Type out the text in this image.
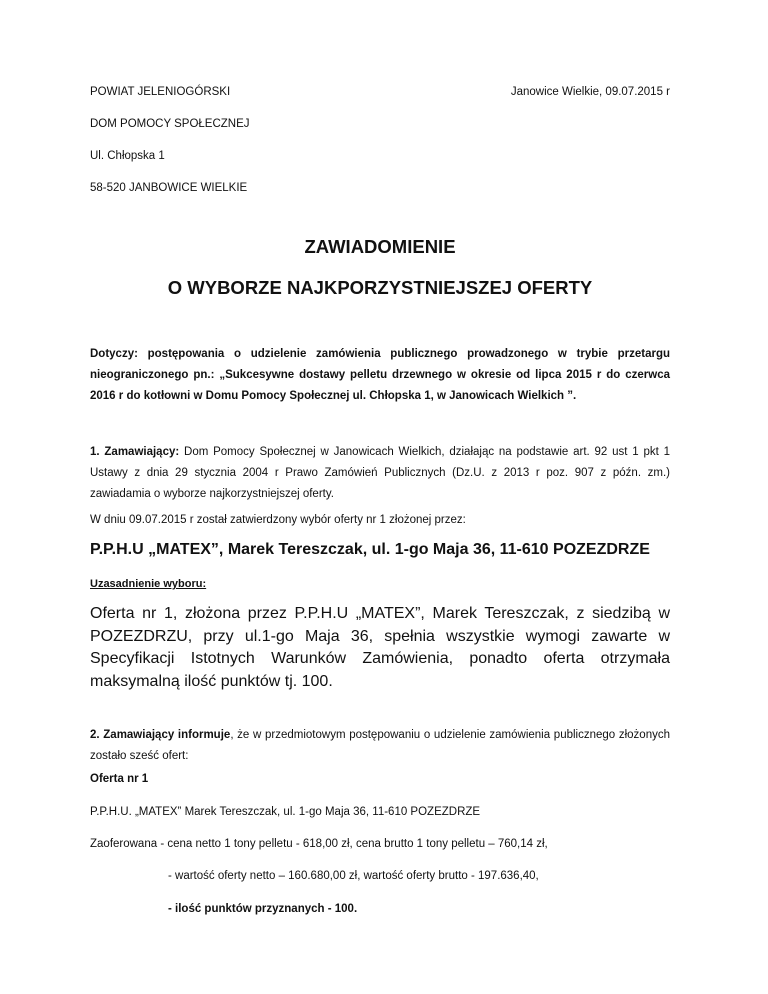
POWIAT JELENIOGÓRSKI	Janowice Wielkie, 09.07.2015 r
DOM POMOCY SPOŁECZNEJ
Ul. Chłopska 1
58-520 JANBOWICE WIELKIE
ZAWIADOMIENIE
O WYBORZE NAJKPORZYSTNIEJSZEJ OFERTY
Dotyczy: postępowania o udzielenie zamówienia publicznego prowadzonego w trybie przetargu nieograniczonego pn.: „Sukcesywne dostawy pelletu drzewnego w okresie od lipca 2015 r do czerwca 2016 r do kotłowni w Domu Pomocy Społecznej ul. Chłopska 1, w Janowicach Wielkich ”.
1. Zamawiający: Dom Pomocy Społecznej w Janowicach Wielkich, działając na podstawie art. 92 ust 1 pkt 1 Ustawy z dnia 29 stycznia 2004 r Prawo Zamówień Publicznych (Dz.U. z 2013 r poz. 907 z późn. zm.) zawiadamia o wyborze najkorzystniejszej oferty.
W dniu 09.07.2015 r został zatwierdzony wybór oferty nr 1 złożonej przez:
P.P.H.U „MATEX”, Marek Tereszczak, ul. 1-go Maja 36, 11-610 POZEZDRZE
Uzasadnienie wyboru:
Oferta nr 1, złożona przez P.P.H.U „MATEX”, Marek Tereszczak, z siedzibą w POZEZDRZU, przy ul.1-go Maja 36, spełnia wszystkie wymogi zawarte w Specyfikacji Istotnych Warunków Zamówienia, ponadto oferta otrzymała maksymalną ilość punktów tj. 100.
2. Zamawiający informuje, że w przedmiotowym postępowaniu o udzielenie zamówienia publicznego złożonych zostało sześć ofert:
Oferta nr 1
P.P.H.U. „MATEX” Marek Tereszczak, ul. 1-go Maja 36, 11-610 POZEZDRZE
Zaoferowana - cena netto 1 tony pelletu - 618,00 zł, cena brutto 1 tony pelletu – 760,14 zł,
- wartość oferty netto – 160.680,00 zł, wartość oferty brutto - 197.636,40,
- ilość punktów przyznanych - 100.
